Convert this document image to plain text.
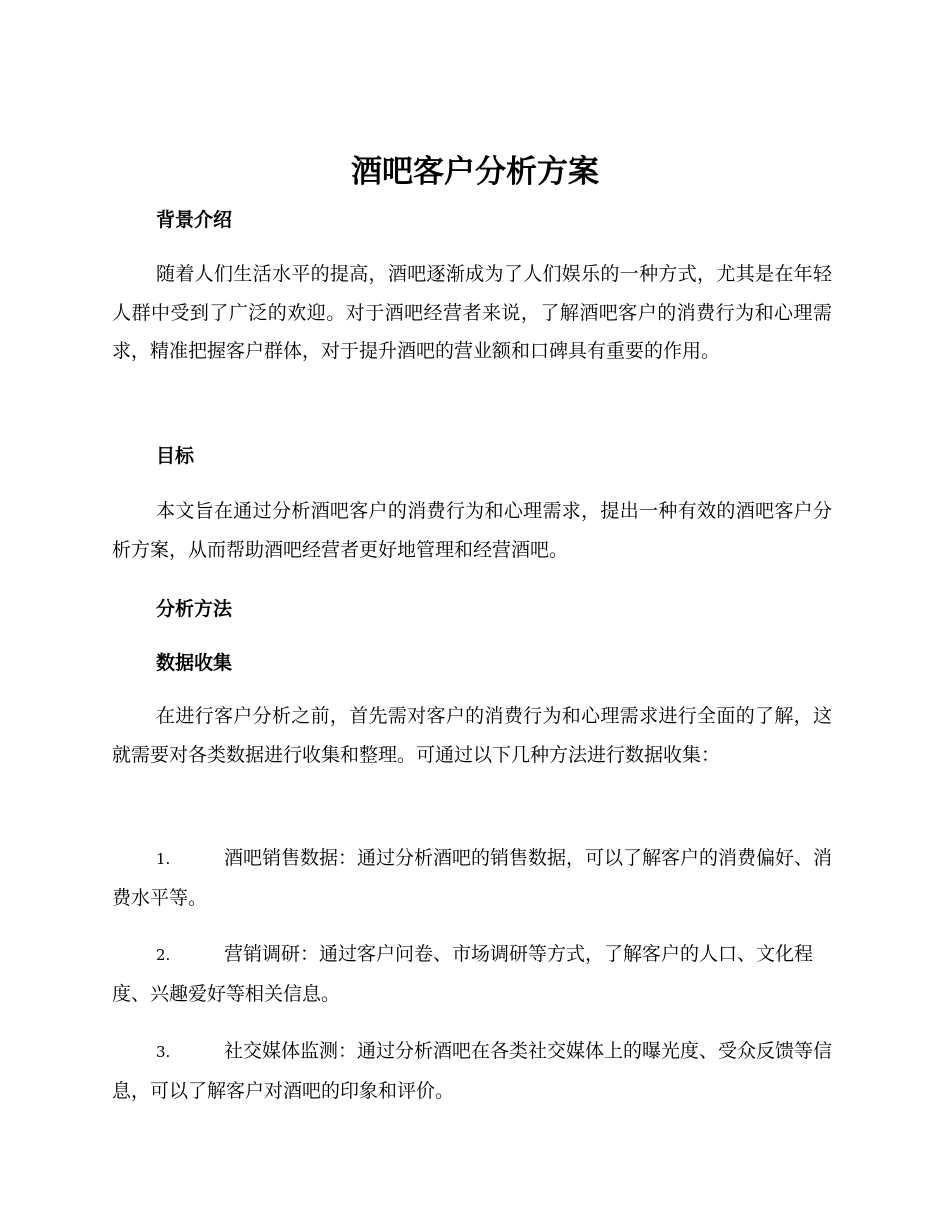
酒吧客户分析方案
背景介绍

随着人们生活水平的提高，酒吧逐渐成为了人们娱乐的一种方式，尤其是在年轻人群中受到了广泛的欢迎。对于酒吧经营者来说，了解酒吧客户的消费行为和心理需求，精准把握客户群体，对于提升酒吧的营业额和口碑具有重要的作用。

目标

本文旨在通过分析酒吧客户的消费行为和心理需求，提出一种有效的酒吧客户分析方案，从而帮助酒吧经营者更好地管理和经营酒吧。

分析方法
数据收集

在进行客户分析之前，首先需对客户的消费行为和心理需求进行全面的了解，这就需要对各类数据进行收集和整理。可通过以下几种方法进行数据收集：

1.	酒吧销售数据：通过分析酒吧的销售数据，可以了解客户的消费偏好、消费水平等。

2.	营销调研：通过客户问卷、市场调研等方式，了解客户的人口、文化程度、兴趣爱好等相关信息。

3.	社交媒体监测：通过分析酒吧在各类社交媒体上的曝光度、受众反馈等信息，可以了解客户对酒吧的印象和评价。
